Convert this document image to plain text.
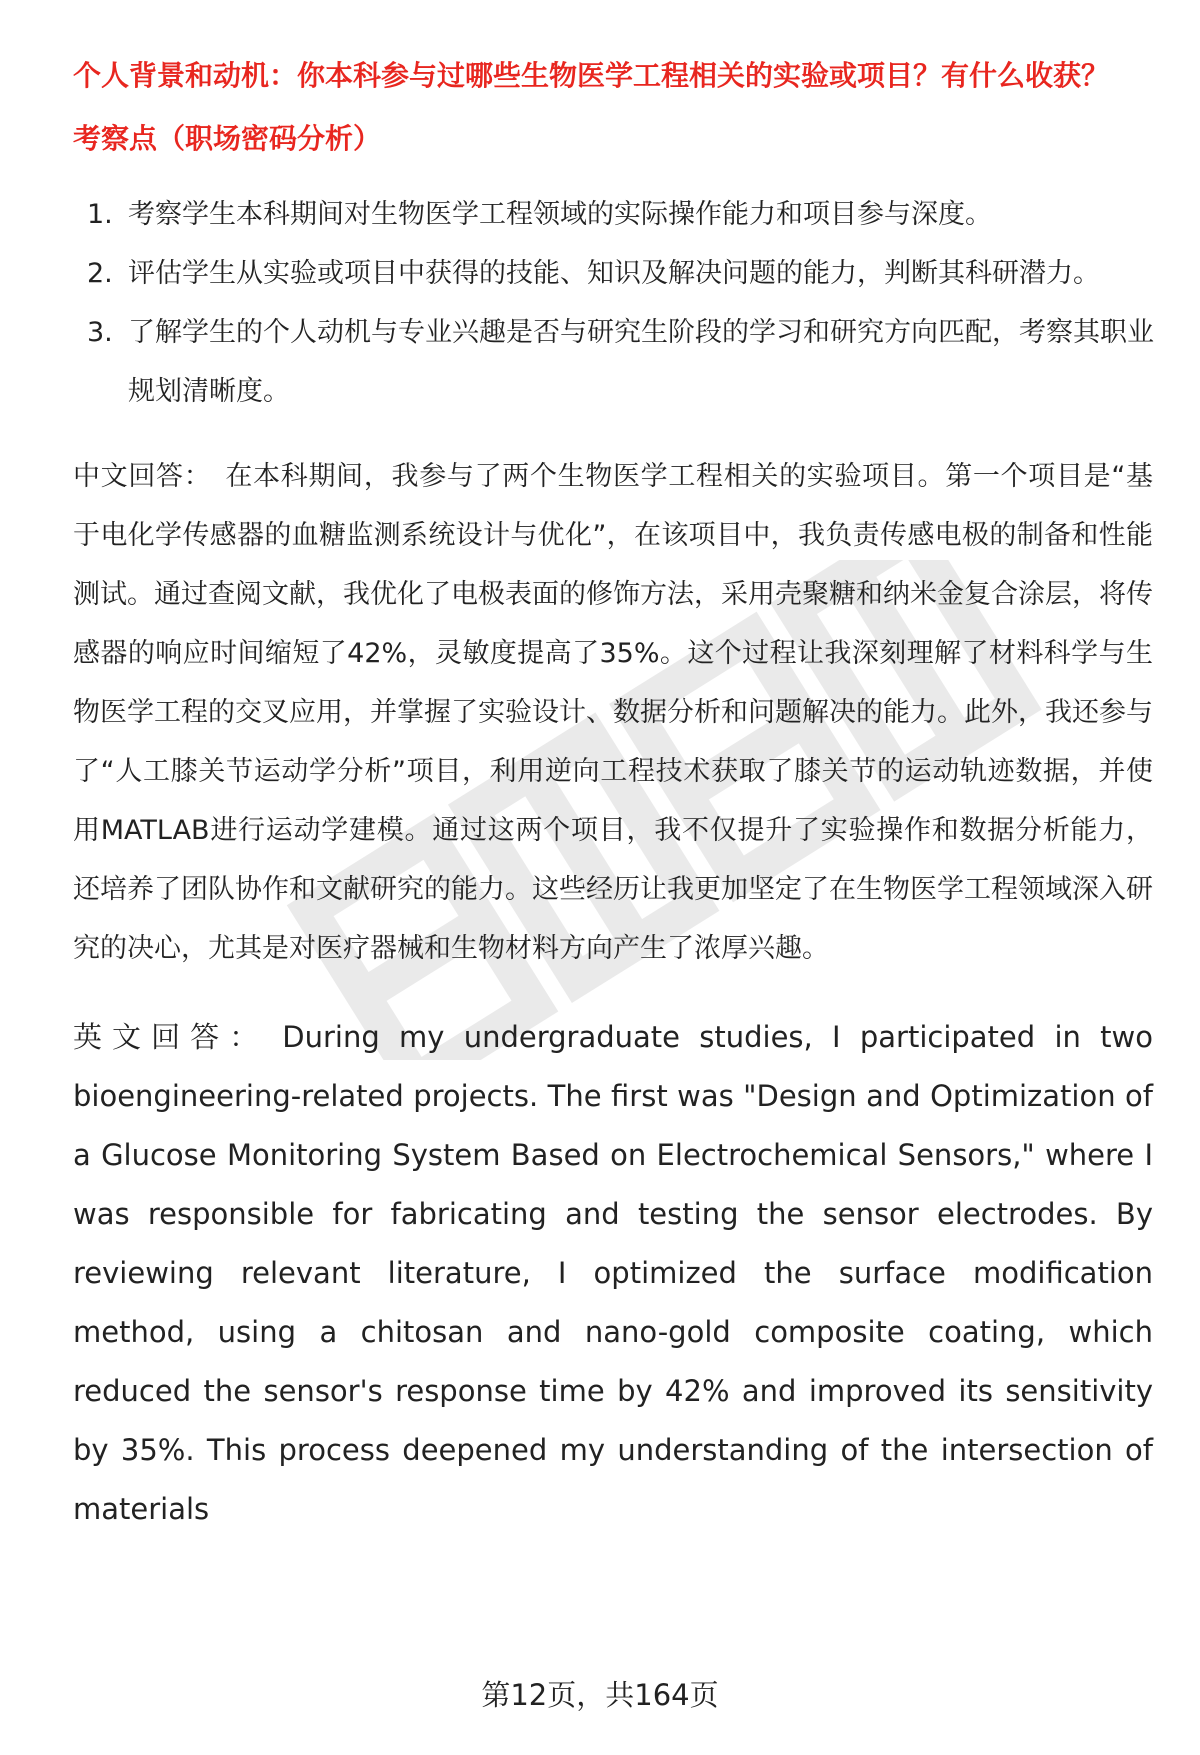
个人背景和动机：你本科参与过哪些生物医学工程相关的实验或项目？有什么收获？
考察点（职场密码分析）
1. 考察学生本科期间对生物医学工程领域的实际操作能力和项目参与深度。
2. 评估学生从实验或项目中获得的技能、知识及解决问题的能力，判断其科研潜力。
3. 了解学生的个人动机与专业兴趣是否与研究生阶段的学习和研究方向匹配，考察其职业规划清晰度。

中文回答： 在本科期间，我参与了两个生物医学工程相关的实验项目。第一个项目是“基于电化学传感器的血糖监测系统设计与优化”，在该项目中，我负责传感电极的制备和性能测试。通过查阅文献，我优化了电极表面的修饰方法，采用壳聚糖和纳米金复合涂层，将传感器的响应时间缩短了42%，灵敏度提高了35%。这个过程让我深刻理解了材料科学与生物医学工程的交叉应用，并掌握了实验设计、数据分析和问题解决的能力。此外，我还参与了“人工膝关节运动学分析”项目，利用逆向工程技术获取了膝关节的运动轨迹数据，并使用MATLAB进行运动学建模。通过这两个项目，我不仅提升了实验操作和数据分析能力，还培养了团队协作和文献研究的能力。这些经历让我更加坚定了在生物医学工程领域深入研究的决心，尤其是对医疗器械和生物材料方向产生了浓厚兴趣。

英文回答： During my undergraduate studies, I participated in two bioengineering-related projects. The first was "Design and Optimization of a Glucose Monitoring System Based on Electrochemical Sensors," where I was responsible for fabricating and testing the sensor electrodes. By reviewing relevant literature, I optimized the surface modification method, using a chitosan and nano-gold composite coating, which reduced the sensor's response time by 42% and improved its sensitivity by 35%. This process deepened my understanding of the intersection of materials

第12页，共164页
